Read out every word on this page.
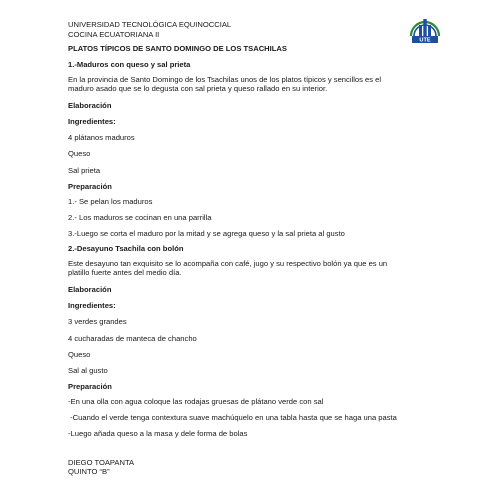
UNIVERSIDAD TECNOLÓGICA EQUINOCCIAL
COCINA ECUATORIANA II
PLATOS TÍPICOS DE SANTO DOMINGO DE LOS TSACHILAS
UTE
1.-Maduros con queso y sal prieta
En la provincia de Santo Domingo de los Tsachilas unos de los platos típicos y sencillos es el maduro asado que se lo degusta con sal prieta y queso rallado en su interior.
Elaboración
Ingredientes:
4 plátanos maduros
Queso
Sal prieta
Preparación
1.- Se pelan los maduros
2.- Los maduros se cocinan en una parrilla
3.-Luego se corta el maduro por la mitad y se agrega queso y la sal prieta al gusto
2.-Desayuno Tsachila con bolón
Este desayuno tan exquisito se lo acompaña con café, jugo y su respectivo bolón ya que es un platillo fuerte antes del medio día.
Elaboración
Ingredientes:
3 verdes grandes
4 cucharadas de manteca de chancho
Queso
Sal al gusto
Preparación
-En una olla con agua coloque las rodajas gruesas de plátano verde con sal
-Cuando el verde tenga contextura suave machúquelo en una tabla hasta que se haga una pasta
-Luego añada queso a la masa y dele forma de bolas
DIEGO TOAPANTA
QUINTO “B”
